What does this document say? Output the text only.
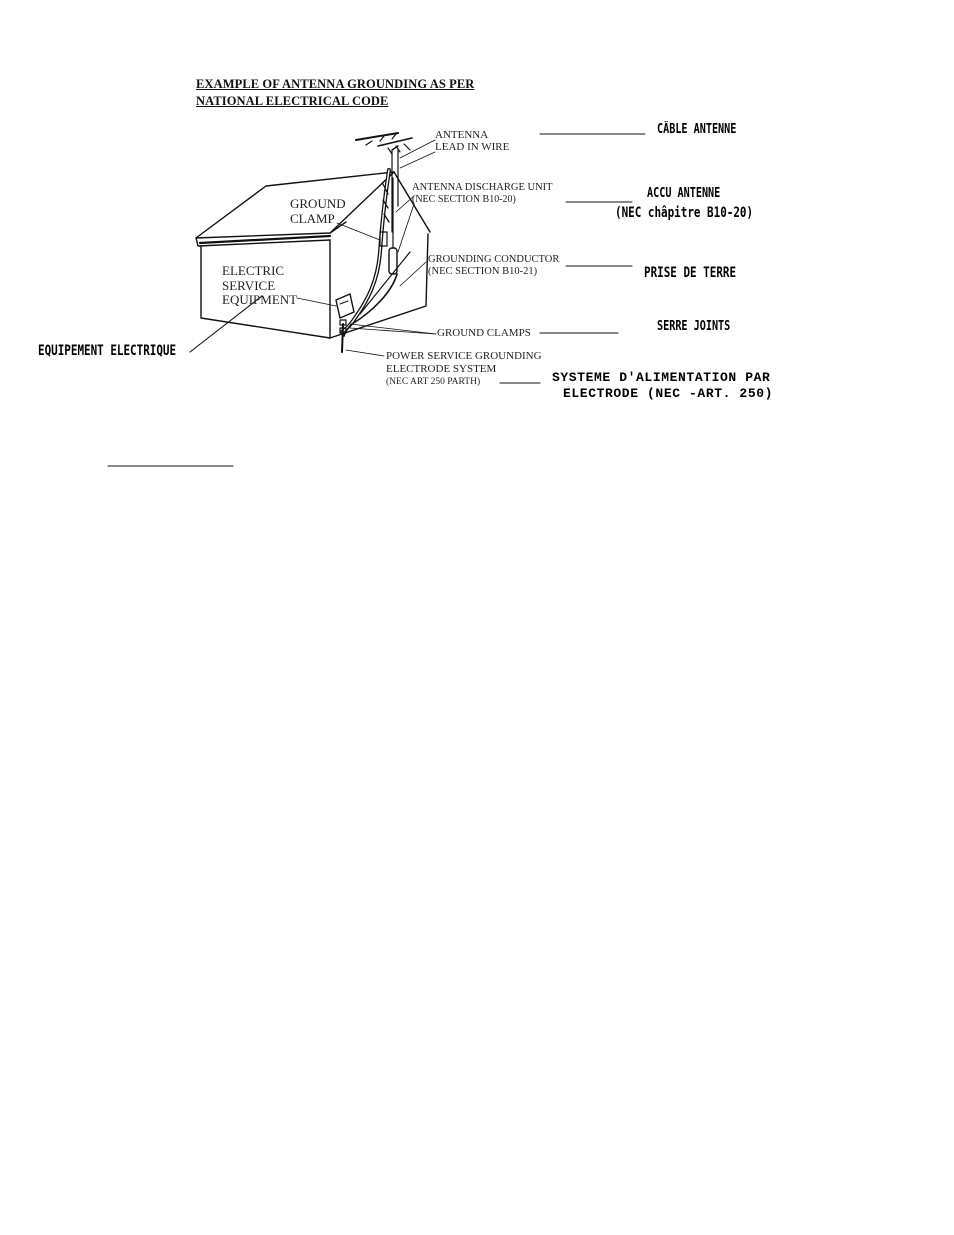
EXAMPLE OF ANTENNA GROUNDING AS PER
NATIONAL ELECTRICAL CODE
ANTENNA
LEAD IN WIRE
ANTENNA DISCHARGE UNIT
(NEC SECTION B10-20)
GROUND
CLAMP
GROUNDING CONDUCTOR
(NEC SECTION B10-21)
ELECTRIC
SERVICE
EQUIPMENT
GROUND CLAMPS
POWER SERVICE GROUNDING
ELECTRODE SYSTEM
(NEC ART 250 PARTH)
CÄBLE ANTENNE
ACCU ANTENNE
(NEC châpitre B10-20)
PRISE DE TERRE
SERRE JOINTS
SYSTEME D'ALIMENTATION PAR
ELECTRODE (NEC -ART. 250)
EQUIPEMENT ELECTRIQUE
